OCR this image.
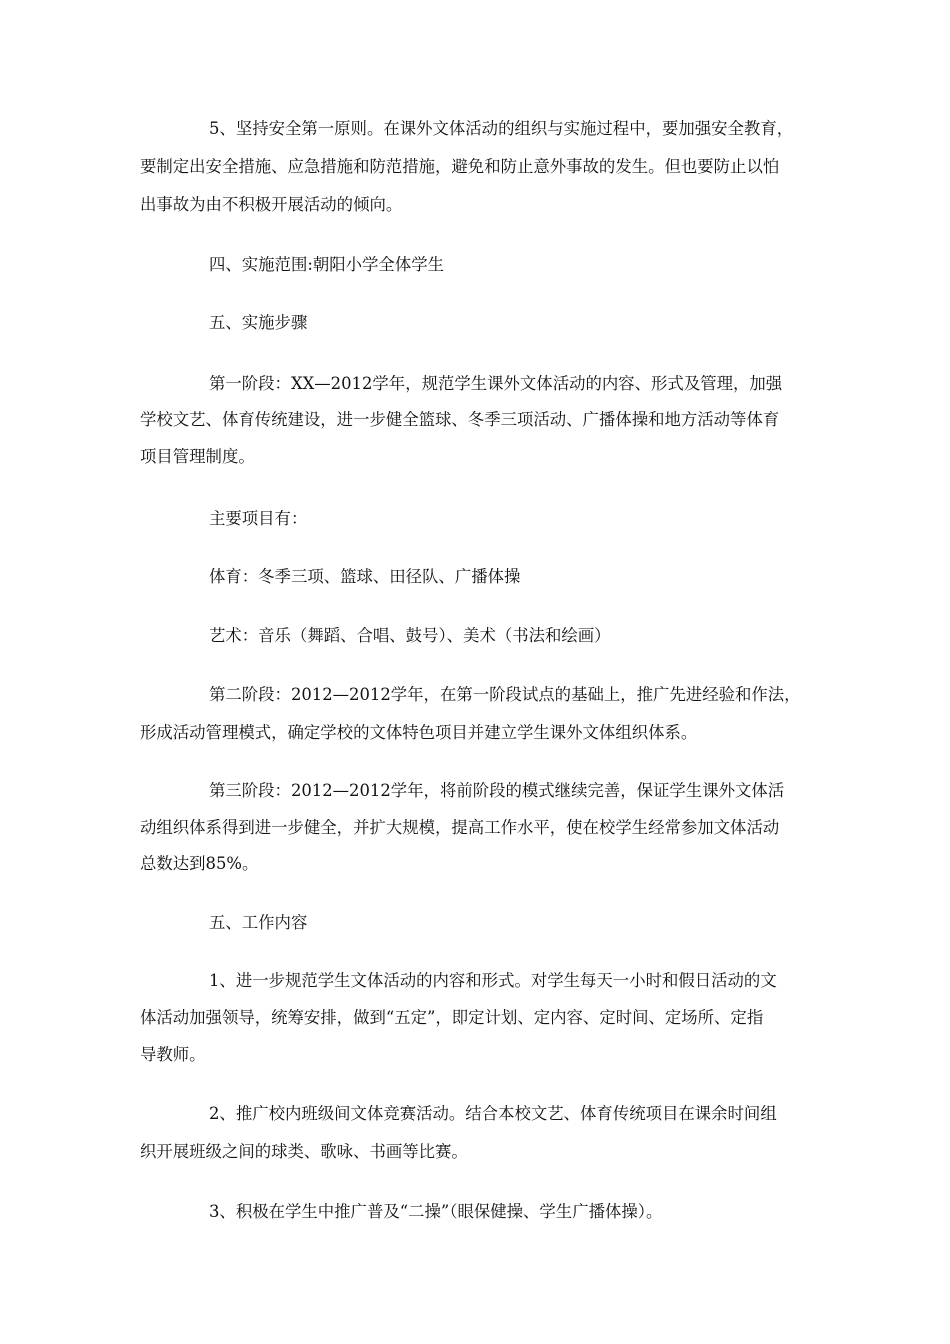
5、坚持安全第一原则。在课外文体活动的组织与实施过程中，要加强安全教育，
要制定出安全措施、应急措施和防范措施，避免和防止意外事故的发生。但也要防止以怕
出事故为由不积极开展活动的倾向。
四、实施范围:朝阳小学全体学生
五、实施步骤
第一阶段：XX—2012学年，规范学生课外文体活动的内容、形式及管理，加强
学校文艺、体育传统建设，进一步健全篮球、冬季三项活动、广播体操和地方活动等体育
项目管理制度。
主要项目有：
体育：冬季三项、篮球、田径队、广播体操
艺术：音乐（舞蹈、合唱、鼓号）、美术（书法和绘画）
第二阶段：2012—2012学年，在第一阶段试点的基础上，推广先进经验和作法，
形成活动管理模式，确定学校的文体特色项目并建立学生课外文体组织体系。
第三阶段：2012—2012学年，将前阶段的模式继续完善，保证学生课外文体活
动组织体系得到进一步健全，并扩大规模，提高工作水平，使在校学生经常参加文体活动
总数达到85%。
五、工作内容
1、进一步规范学生文体活动的内容和形式。对学生每天一小时和假日活动的文
体活动加强领导，统筹安排，做到“五定”，即定计划、定内容、定时间、定场所、定指
导教师。
2、推广校内班级间文体竞赛活动。结合本校文艺、体育传统项目在课余时间组
织开展班级之间的球类、歌咏、书画等比赛。
3、积极在学生中推广普及“二操”（眼保健操、学生广播体操）。
